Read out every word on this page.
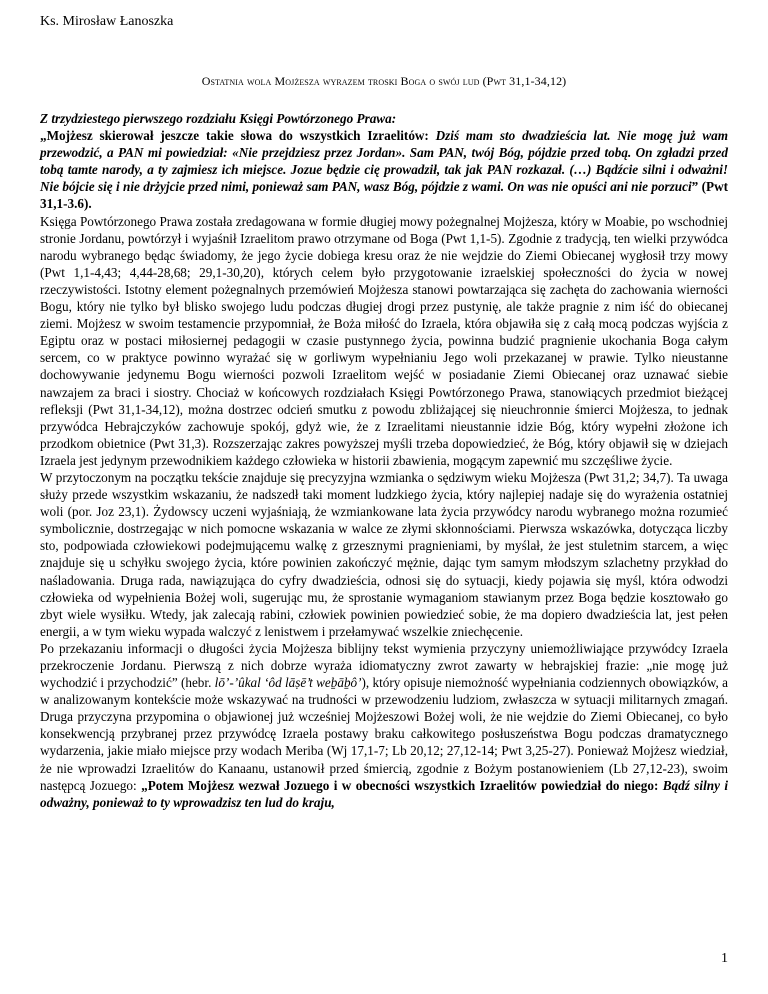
Ks. Mirosław Łanoszka
Ostatnia wola Mojżesza wyrazem troski Boga o swój lud (Pwt 31,1-34,12)

Z trzydziestego pierwszego rozdziału Księgi Powtórzonego Prawa:

„Mojżesz skierował jeszcze takie słowa do wszystkich Izraelitów: Dziś mam sto dwadzieścia lat. Nie mogę już wam przewodzić, a PAN mi powiedział: «Nie przejdziesz przez Jordan». Sam PAN, twój Bóg, pójdzie przed tobą. On zgładzi przed tobą tamte narody, a ty zajmiesz ich miejsce. Jozue będzie cię prowadził, tak jak PAN rozkazał. (…) Bądźcie silni i odważni! Nie bójcie się i nie drżyjcie przed nimi, ponieważ sam PAN, wasz Bóg, pójdzie z wami. On was nie opuści ani nie porzuci” (Pwt 31,1-3.6).

Księga Powtórzonego Prawa została zredagowana w formie długiej mowy pożegnalnej Mojżesza, który w Moabie, po wschodniej stronie Jordanu, powtórzył i wyjaśnił Izraelitom prawo otrzymane od Boga (Pwt 1,1-5). Zgodnie z tradycją, ten wielki przywódca narodu wybranego będąc świadomy, że jego życie dobiega kresu oraz że nie wejdzie do Ziemi Obiecanej wygłosił trzy mowy (Pwt 1,1-4,43; 4,44-28,68; 29,1-30,20), których celem było przygotowanie izraelskiej społeczności do życia w nowej rzeczywistości. Istotny element pożegnalnych przemówień Mojżesza stanowi powtarzająca się zachęta do zachowania wierności Bogu, który nie tylko był blisko swojego ludu podczas długiej drogi przez pustynię, ale także pragnie z nim iść do obiecanej ziemi. Mojżesz w swoim testamencie przypomniał, że Boża miłość do Izraela, która objawiła się z całą mocą podczas wyjścia z Egiptu oraz w postaci miłosiernej pedagogii w czasie pustynnego życia, powinna budzić pragnienie ukochania Boga całym sercem, co w praktyce powinno wyrażać się w gorliwym wypełnianiu Jego woli przekazanej w prawie. Tylko nieustanne dochowywanie jedynemu Bogu wierności pozwoli Izraelitom wejść w posiadanie Ziemi Obiecanej oraz uznawać siebie nawzajem za braci i siostry. Chociaż w końcowych rozdziałach Księgi Powtórzonego Prawa, stanowiących przedmiot bieżącej refleksji (Pwt 31,1-34,12), można dostrzec odcień smutku z powodu zbliżającej się nieuchronnie śmierci Mojżesza, to jednak przywódca Hebrajczyków zachowuje spokój, gdyż wie, że z Izraelitami nieustannie idzie Bóg, który wypełni złożone ich przodkom obietnice (Pwt 31,3). Rozszerzając zakres powyższej myśli trzeba dopowiedzieć, że Bóg, który objawił się w dziejach Izraela jest jedynym przewodnikiem każdego człowieka w historii zbawienia, mogącym zapewnić mu szczęśliwe życie.

W przytoczonym na początku tekście znajduje się precyzyjna wzmianka o sędziwym wieku Mojżesza (Pwt 31,2; 34,7). Ta uwaga służy przede wszystkim wskazaniu, że nadszedł taki moment ludzkiego życia, który najlepiej nadaje się do wyrażenia ostatniej woli (por. Joz 23,1). Żydowscy uczeni wyjaśniają, że wzmiankowane lata życia przywódcy narodu wybranego można rozumieć symbolicznie, dostrzegając w nich pomocne wskazania w walce ze złymi skłonnościami. Pierwsza wskazówka, dotycząca liczby sto, podpowiada człowiekowi podejmującemu walkę z grzesznymi pragnieniami, by myślał, że jest stuletnim starcem, a więc znajduje się u schyłku swojego życia, które powinien zakończyć mężnie, dając tym samym młodszym szlachetny przykład do naśladowania. Druga rada, nawiązująca do cyfry dwadzieścia, odnosi się do sytuacji, kiedy pojawia się myśl, która odwodzi człowieka od wypełnienia Bożej woli, sugerując mu, że sprostanie wymaganiom stawianym przez Boga będzie kosztowało go zbyt wiele wysiłku. Wtedy, jak zalecają rabini, człowiek powinien powiedzieć sobie, że ma dopiero dwadzieścia lat, jest pełen energii, a w tym wieku wypada walczyć z lenistwem i przełamywać wszelkie zniechęcenie.

Po przekazaniu informacji o długości życia Mojżesza biblijny tekst wymienia przyczyny uniemożliwiające przywódcy Izraela przekroczenie Jordanu. Pierwszą z nich dobrze wyraża idiomatyczny zwrot zawarty w hebrajskiej frazie: „nie mogę już wychodzić i przychodzić” (hebr. lō’-’ûkal ‘ôd lāṣē’t weḇāḇô’), który opisuje niemożność wypełniania codziennych obowiązków, a w analizowanym kontekście może wskazywać na trudności w przewodzeniu ludziom, zwłaszcza w sytuacji militarnych zmagań. Druga przyczyna przypomina o objawionej już wcześniej Mojżeszowi Bożej woli, że nie wejdzie do Ziemi Obiecanej, co było konsekwencją przybranej przez przywódcę Izraela postawy braku całkowitego posłuszeństwa Bogu podczas dramatycznego wydarzenia, jakie miało miejsce przy wodach Meriba (Wj 17,1-7; Lb 20,12; 27,12-14; Pwt 3,25-27). Ponieważ Mojżesz wiedział, że nie wprowadzi Izraelitów do Kanaanu, ustanowił przed śmiercią, zgodnie z Bożym postanowieniem (Lb 27,12-23), swoim następcą Jozuego: „Potem Mojżesz wezwał Jozuego i w obecności wszystkich Izraelitów powiedział do niego: Bądź silny i odważny, ponieważ to ty wprowadzisz ten lud do kraju,

1
